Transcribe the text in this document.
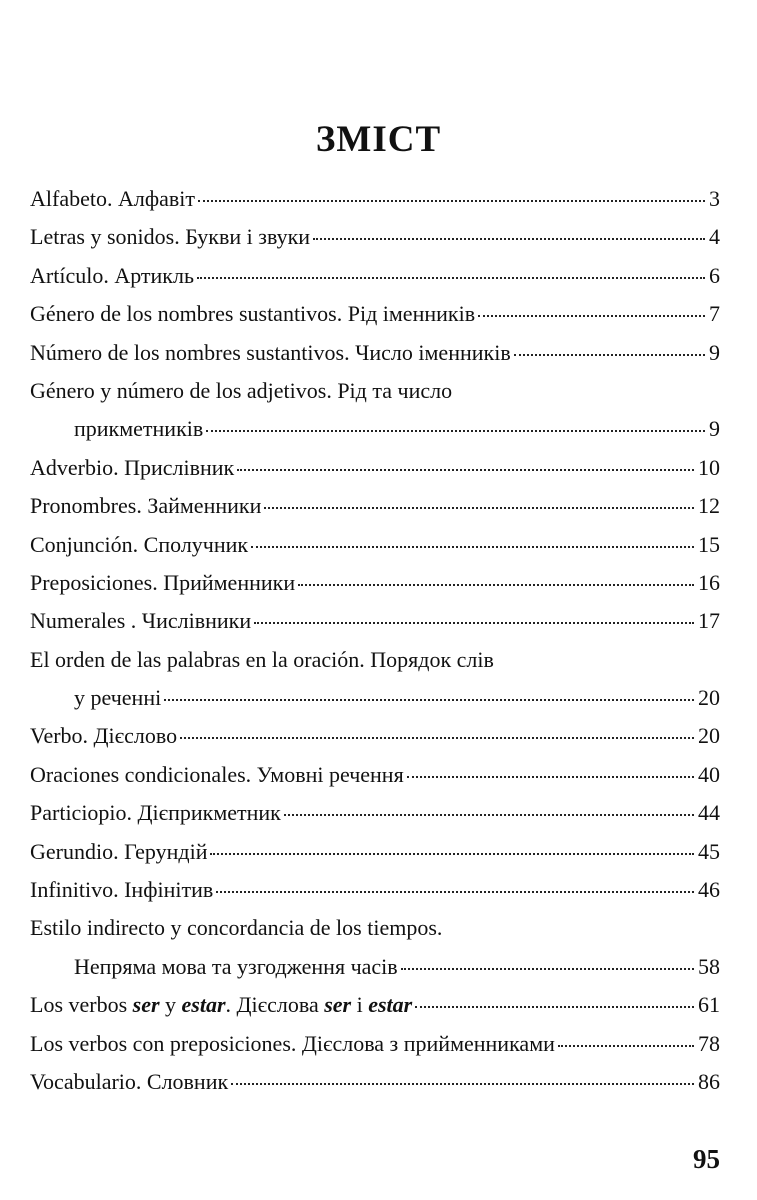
ЗМІСТ
Alfabeto. Алфавіт	3
Letras y sonidos. Букви і звуки	4
Artículo. Артикль	6
Género de los nombres sustantivos. Рід іменників	7
Número de los nombres sustantivos. Число іменників	9
Género y número de los adjetivos. Рід та число
прикметників	9
Adverbio. Прислівник	10
Pronombres. Займенники	12
Conjunción. Сполучник	15
Preposiciones. Прийменники	16
Numerales . Числівники	17
El orden de las palabras en la oración. Порядок слів
у реченні	20
Verbo. Дієслово	20
Oraciones condicionales. Умовні речення	40
Particiopio. Дієприкметник	44
Gerundio. Герундій	45
Infinitivo. Інфінітив	46
Estilo indirecto y concordancia de los tiempos.
Непряма мова та узгодження часів	58
Los verbos ser y estar. Дієслова ser і estar	61
Los verbos con preposiciones. Дієслова з прийменниками	78
Vocabulario. Словник	86
95
